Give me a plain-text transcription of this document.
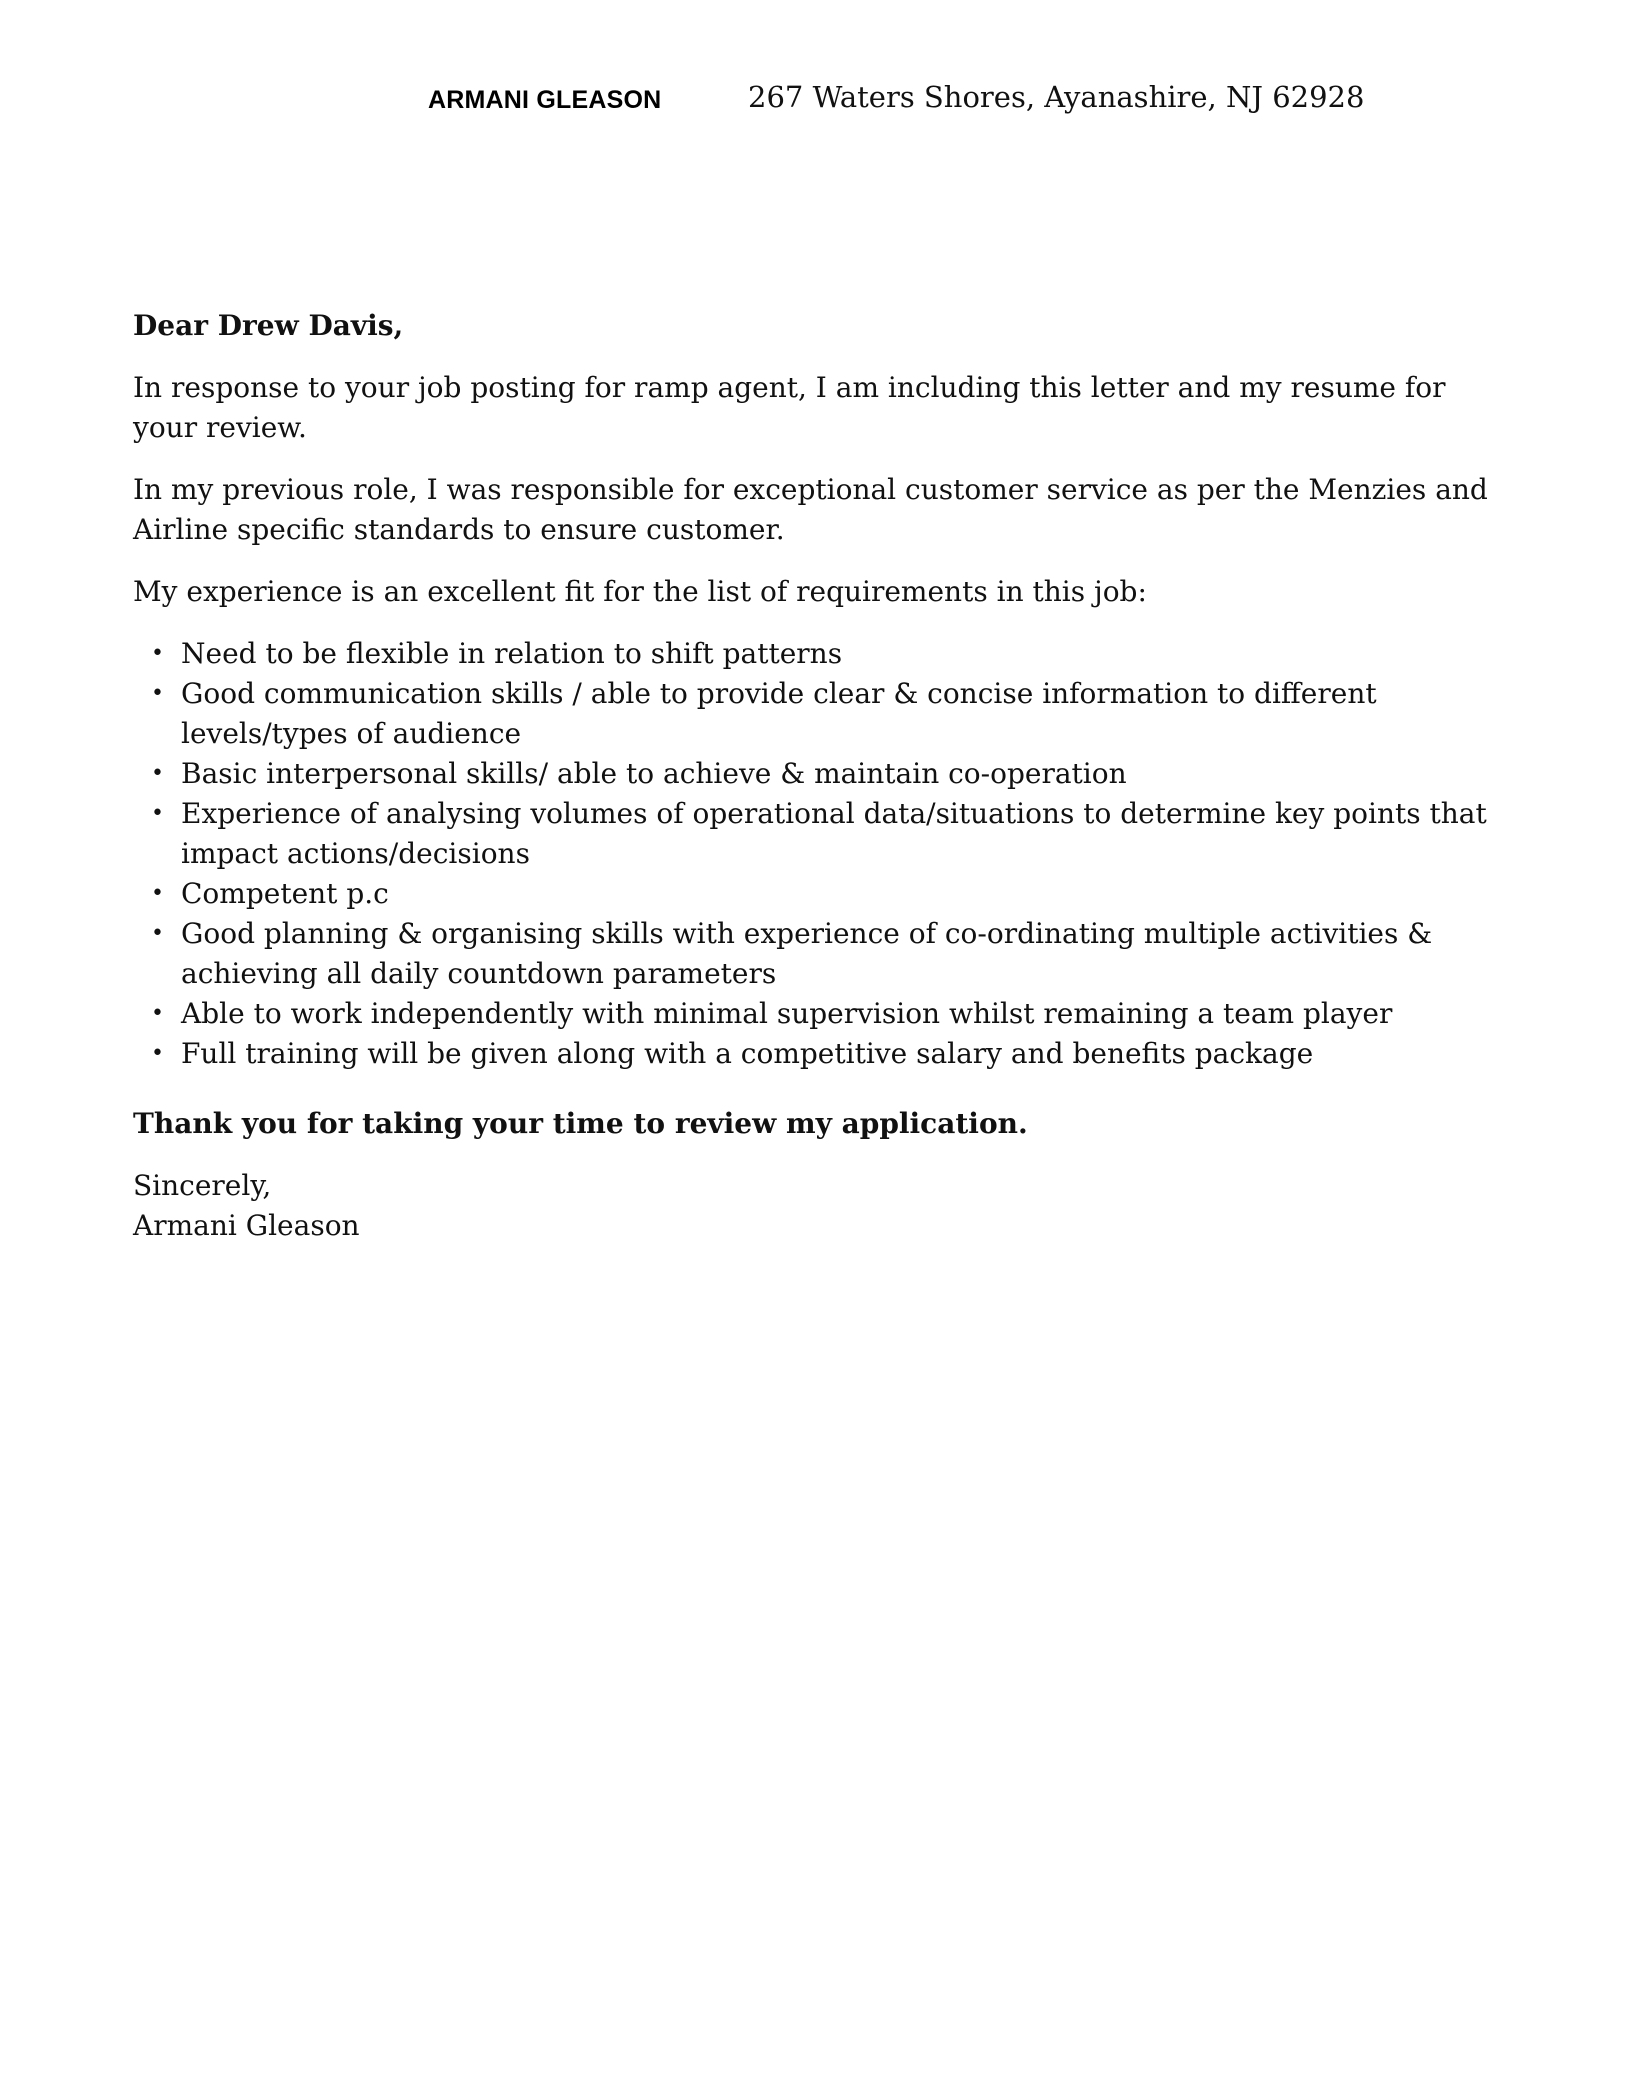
ARMANI GLEASON	267 Waters Shores, Ayanashire, NJ 62928

Dear Drew Davis,

In response to your job posting for ramp agent, I am including this letter and my resume for your review.

In my previous role, I was responsible for exceptional customer service as per the Menzies and Airline specific standards to ensure customer.

My experience is an excellent fit for the list of requirements in this job:

• Need to be flexible in relation to shift patterns
• Good communication skills / able to provide clear & concise information to different levels/types of audience
• Basic interpersonal skills/ able to achieve & maintain co-operation
• Experience of analysing volumes of operational data/situations to determine key points that impact actions/decisions
• Competent p.c
• Good planning & organising skills with experience of co-ordinating multiple activities & achieving all daily countdown parameters
• Able to work independently with minimal supervision whilst remaining a team player
• Full training will be given along with a competitive salary and benefits package

Thank you for taking your time to review my application.

Sincerely,

Armani Gleason
